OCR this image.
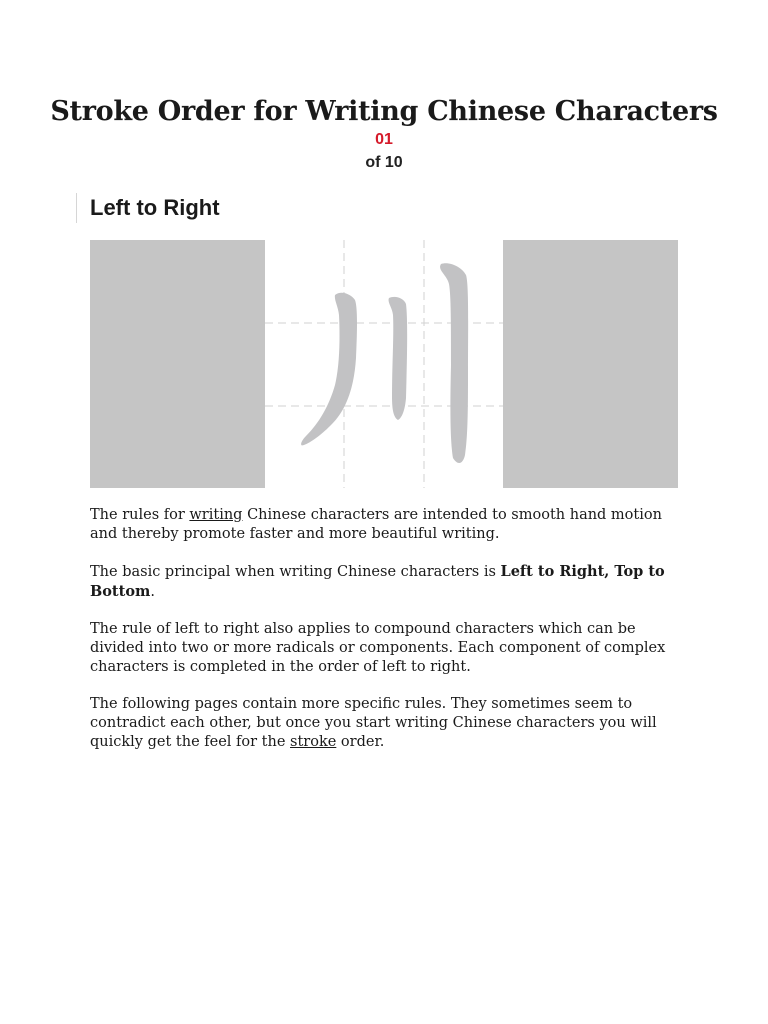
Stroke Order for Writing Chinese Characters
01
of 10
Left to Right

The rules for writing Chinese characters are intended to smooth hand motion and thereby promote faster and more beautiful writing.

The basic principal when writing Chinese characters is Left to Right, Top to Bottom.

The rule of left to right also applies to compound characters which can be divided into two or more radicals or components. Each component of complex characters is completed in the order of left to right.

The following pages contain more specific rules. They sometimes seem to contradict each other, but once you start writing Chinese characters you will quickly get the feel for the stroke order.
